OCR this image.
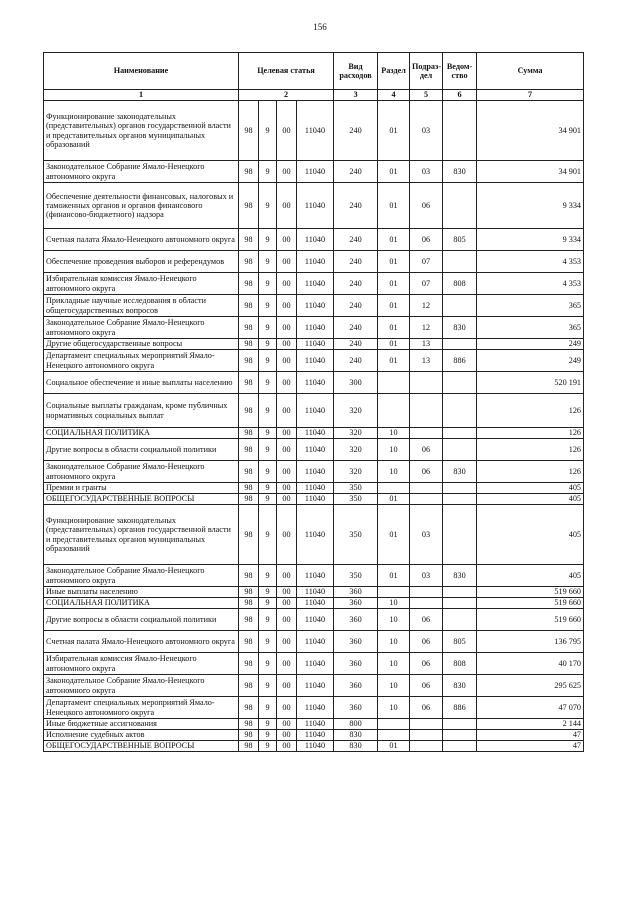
156
Наименование	Целевая статья				Вид расходов	Раздел	Подраз-дел	Ведом-ство	Сумма
1	2				3	4	5	6	7
Функционирование законодательных (представительных) органов государственной власти и представительных органов муниципальных образований	98	9	00	11040	240	01	03		34 901
Законодательное Собрание Ямало-Ненецкого автономного округа	98	9	00	11040	240	01	03	830	34 901
Обеспечение деятельности финансовых, налоговых и таможенных органов и органов финансового (финансово-бюджетного) надзора	98	9	00	11040	240	01	06		9 334
Счетная палата Ямало-Ненецкого автономного округа	98	9	00	11040	240	01	06	805	9 334
Обеспечение проведения выборов и референдумов	98	9	00	11040	240	01	07		4 353
Избирательная комиссия Ямало-Ненецкого автономного округа	98	9	00	11040	240	01	07	808	4 353
Прикладные научные исследования в области общегосударственных вопросов	98	9	00	11040	240	01	12		365
Законодательное Собрание Ямало-Ненецкого автономного округа	98	9	00	11040	240	01	12	830	365
Другие общегосударственные вопросы	98	9	00	11040	240	01	13		249
Департамент специальных мероприятий Ямало-Ненецкого автономного округа	98	9	00	11040	240	01	13	886	249
Социальное обеспечение и иные выплаты населению	98	9	00	11040	300				520 191
Социальные выплаты гражданам, кроме публичных нормативных социальных выплат	98	9	00	11040	320				126
СОЦИАЛЬНАЯ ПОЛИТИКА	98	9	00	11040	320	10			126
Другие вопросы в области социальной политики	98	9	00	11040	320	10	06		126
Законодательное Собрание Ямало-Ненецкого автономного округа	98	9	00	11040	320	10	06	830	126
Премии и гранты	98	9	00	11040	350				405
ОБЩЕГОСУДАРСТВЕННЫЕ ВОПРОСЫ	98	9	00	11040	350	01			405
Функционирование законодательных (представительных) органов государственной власти и представительных органов муниципальных образований	98	9	00	11040	350	01	03		405
Законодательное Собрание Ямало-Ненецкого автономного округа	98	9	00	11040	350	01	03	830	405
Иные выплаты населению	98	9	00	11040	360				519 660
СОЦИАЛЬНАЯ ПОЛИТИКА	98	9	00	11040	360	10			519 660
Другие вопросы в области социальной политики	98	9	00	11040	360	10	06		519 660
Счетная палата Ямало-Ненецкого автономного округа	98	9	00	11040	360	10	06	805	136 795
Избирательная комиссия Ямало-Ненецкого автономного округа	98	9	00	11040	360	10	06	808	40 170
Законодательное Собрание Ямало-Ненецкого автономного округа	98	9	00	11040	360	10	06	830	295 625
Департамент специальных мероприятий Ямало-Ненецкого автономного округа	98	9	00	11040	360	10	06	886	47 070
Иные бюджетные ассигнования	98	9	00	11040	800				2 144
Исполнение судебных актов	98	9	00	11040	830				47
ОБЩЕГОСУДАРСТВЕННЫЕ ВОПРОСЫ	98	9	00	11040	830	01			47
